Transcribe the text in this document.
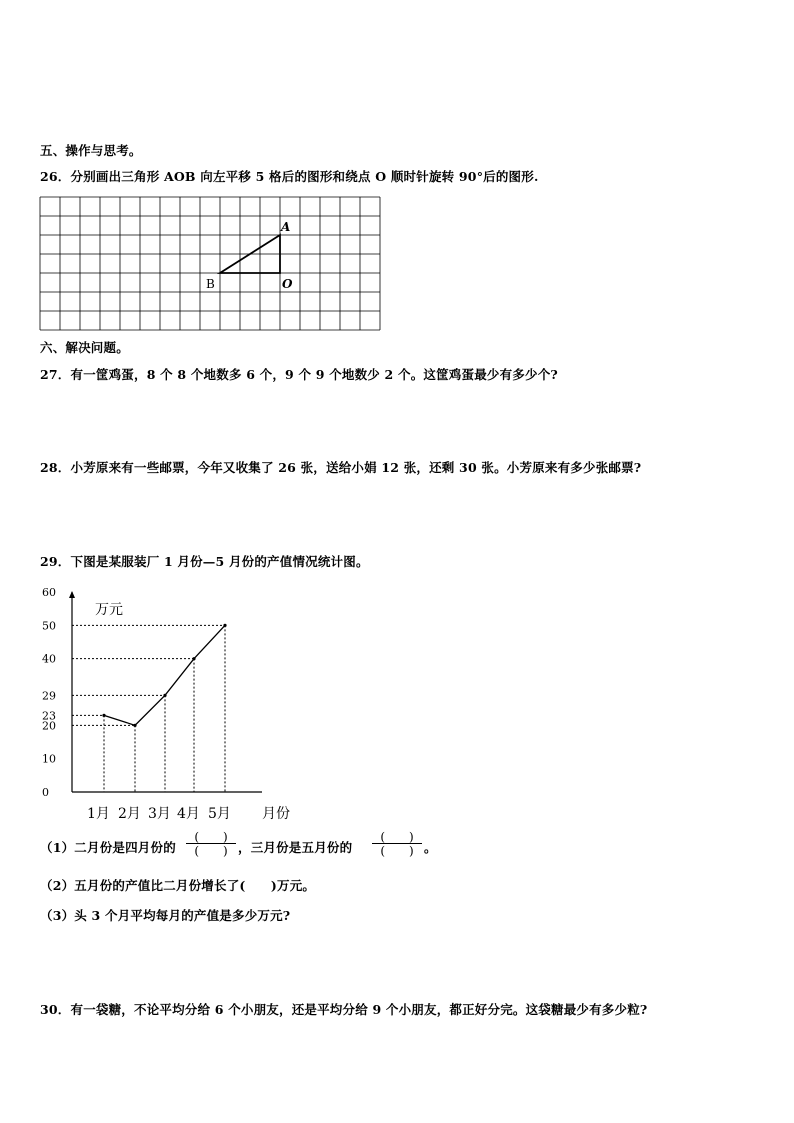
五、操作与思考。
26．分别画出三角形 AOB 向左平移 5 格后的图形和绕点 O 顺时针旋转 90°后的图形.
A
B	O
六、解决问题。
27．有一筐鸡蛋，8 个 8 个地数多 6 个，9 个 9 个地数少 2 个。这筐鸡蛋最少有多少个?
28．小芳原来有一些邮票，今年又收集了 26 张，送给小娟 12 张，还剩 30 张。小芳原来有多少张邮票?
29．下图是某服装厂 1 月份—5 月份的产值情况统计图。
0
10
20
23
29
40
50
60
1月 2月 3月 4月 5月
万元
月份
（1）二月份是四月份的
(　　)
(　　) ，三月份是五月份的
(　　)
(　　) 。
（2）五月份的产值比二月份增长了(　　)万元。
（3）头 3 个月平均每月的产值是多少万元?
30．有一袋糖，不论平均分给 6 个小朋友，还是平均分给 9 个小朋友，都正好分完。这袋糖最少有多少粒?
